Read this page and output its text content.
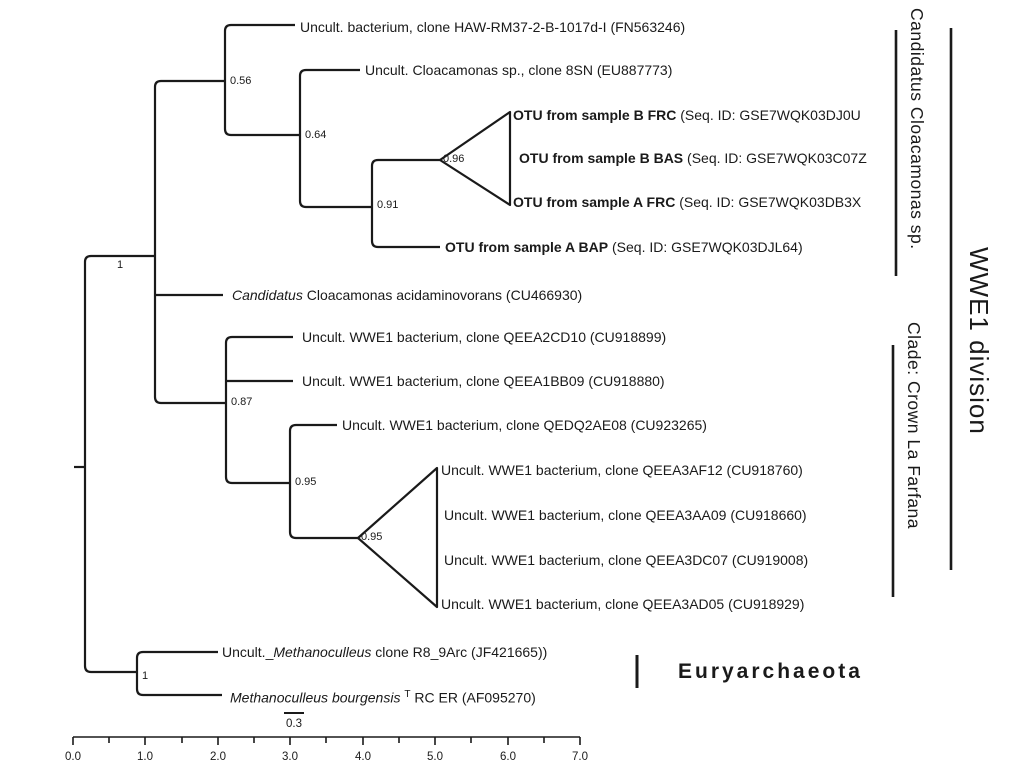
Uncult. bacterium, clone HAW-RM37-2-B-1017d-I (FN563246)
Uncult. Cloacamonas sp., clone 8SN (EU887773)
OTU from sample B FRC (Seq. ID: GSE7WQK03DJ0U
OTU from sample B BAS (Seq. ID: GSE7WQK03C07Z
OTU from sample A FRC (Seq. ID: GSE7WQK03DB3X
OTU from sample A BAP (Seq. ID: GSE7WQK03DJL64)
Candidatus Cloacamonas acidaminovorans (CU466930)
Uncult. WWE1 bacterium, clone QEEA2CD10 (CU918899)
Uncult. WWE1 bacterium, clone QEEA1BB09 (CU918880)
Uncult. WWE1 bacterium, clone QEDQ2AE08 (CU923265)
Uncult. WWE1 bacterium, clone QEEA3AF12 (CU918760)
Uncult. WWE1 bacterium, clone QEEA3AA09 (CU918660)
Uncult. WWE1 bacterium, clone QEEA3DC07 (CU919008)
Uncult. WWE1 bacterium, clone QEEA3AD05 (CU918929)
Uncult._Methanoculleus clone R8_9Arc (JF421665))
Methanoculleus bourgensis $^T$ RC ER (AF095270)
1
0.56
0.64
0.96
0.91
0.87
0.95
0.95
1
Candidatus Cloacamonas sp.
Clade: Crown La Farfana WWE1 division
Euryarchaeota
0.3
0.0	1.0	2.0	3.0	4.0	5.0	6.0	7.0
